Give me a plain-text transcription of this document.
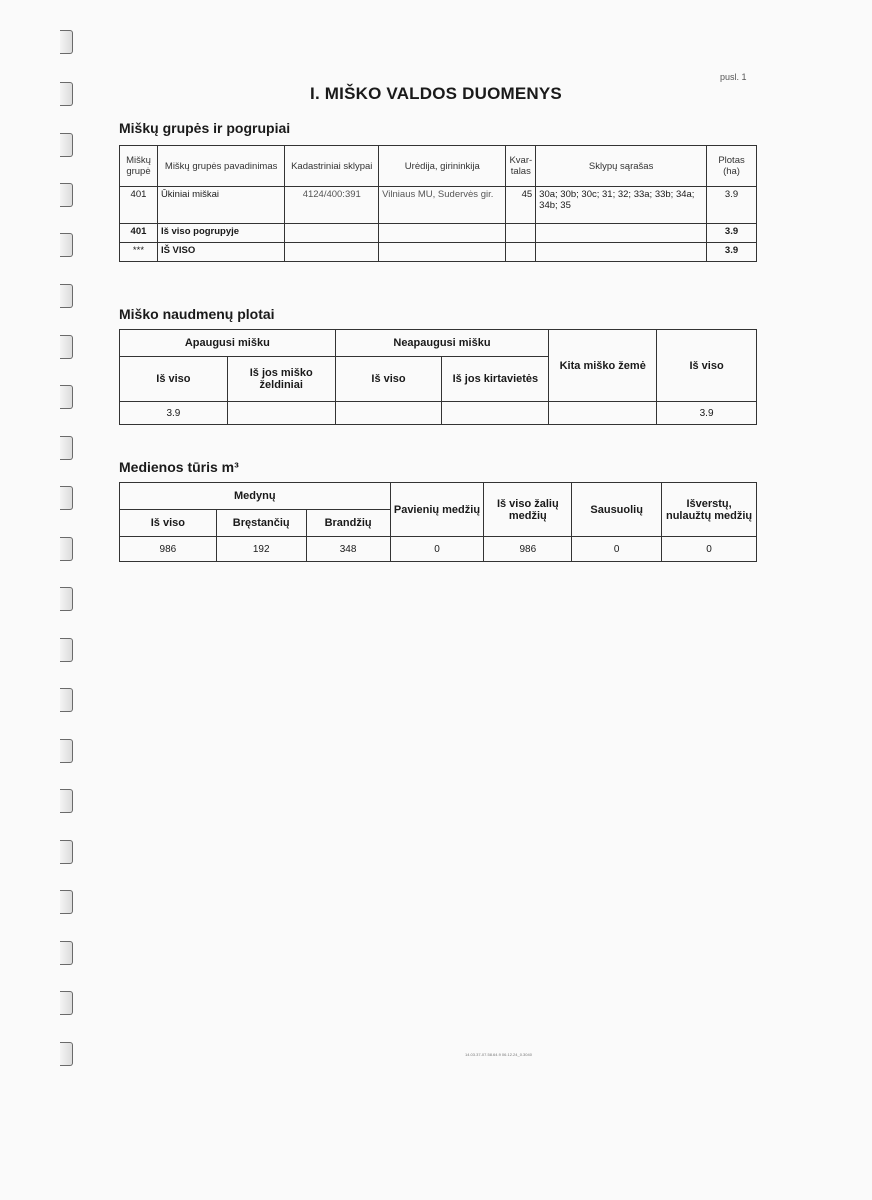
pusl. 1
I. MIŠKO VALDOS DUOMENYS
Miškų grupės ir pogrupiai
Miškų grupė	Miškų grupės pavadinimas	Kadastriniai sklypai	Urėdija, girininkija	Kvar-talas	Sklypų sąrašas	Plotas (ha)
401	Ūkiniai miškai	4124/400:391	Vilniaus MU, Sudervės gir.	45	30a; 30b; 30c; 31; 32; 33a; 33b; 34a; 34b; 35	3.9
401	Iš viso pogrupyje					3.9
***	IŠ VISO					3.9
Miško naudmenų plotai
Apaugusi mišku		Neapaugusi mišku		Kita miško žemė	Iš viso
Iš viso	Iš jos miško želdiniai	Iš viso	Iš jos kirtavietės		
3.9					3.9
Medienos tūris m³
Medynų			Pavienių medžių	Iš viso žalių medžių	Sausuolių	Išverstų, nulaužtų medžių
Iš viso	Bręstančių	Brandžių				
986	192	348	0	986	0	0
14.03.37-07.58.64.9 06.12.24_0.3040
